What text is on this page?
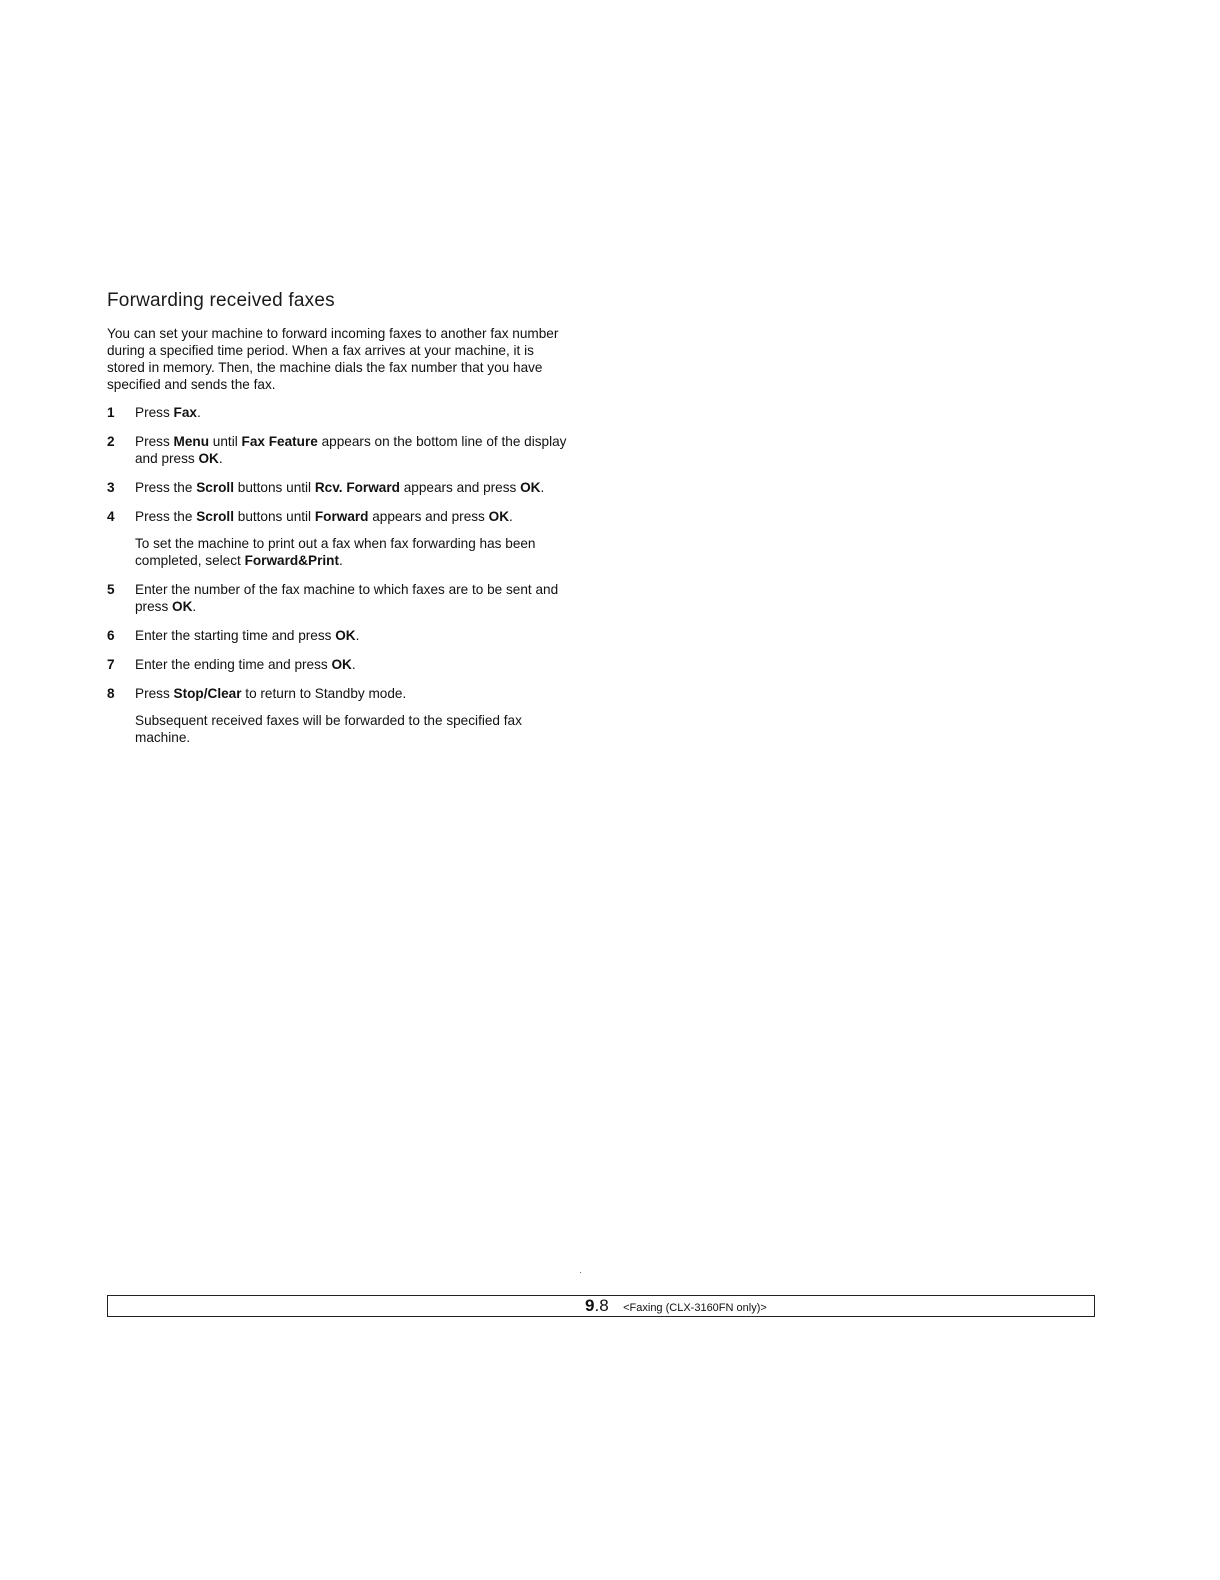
Forwarding received faxes

You can set your machine to forward incoming faxes to another fax number during a specified time period. When a fax arrives at your machine, it is stored in memory. Then, the machine dials the fax number that you have specified and sends the fax.

1 Press Fax.
2 Press Menu until Fax Feature appears on the bottom line of the display and press OK.
3 Press the Scroll buttons until Rcv. Forward appears and press OK.
4 Press the Scroll buttons until Forward appears and press OK.
To set the machine to print out a fax when fax forwarding has been completed, select Forward&Print.
5 Enter the number of the fax machine to which faxes are to be sent and press OK.
6 Enter the starting time and press OK.
7 Enter the ending time and press OK.
8 Press Stop/Clear to return to Standby mode.
Subsequent received faxes will be forwarded to the specified fax machine.
9.8 <Faxing (CLX-3160FN only)>
